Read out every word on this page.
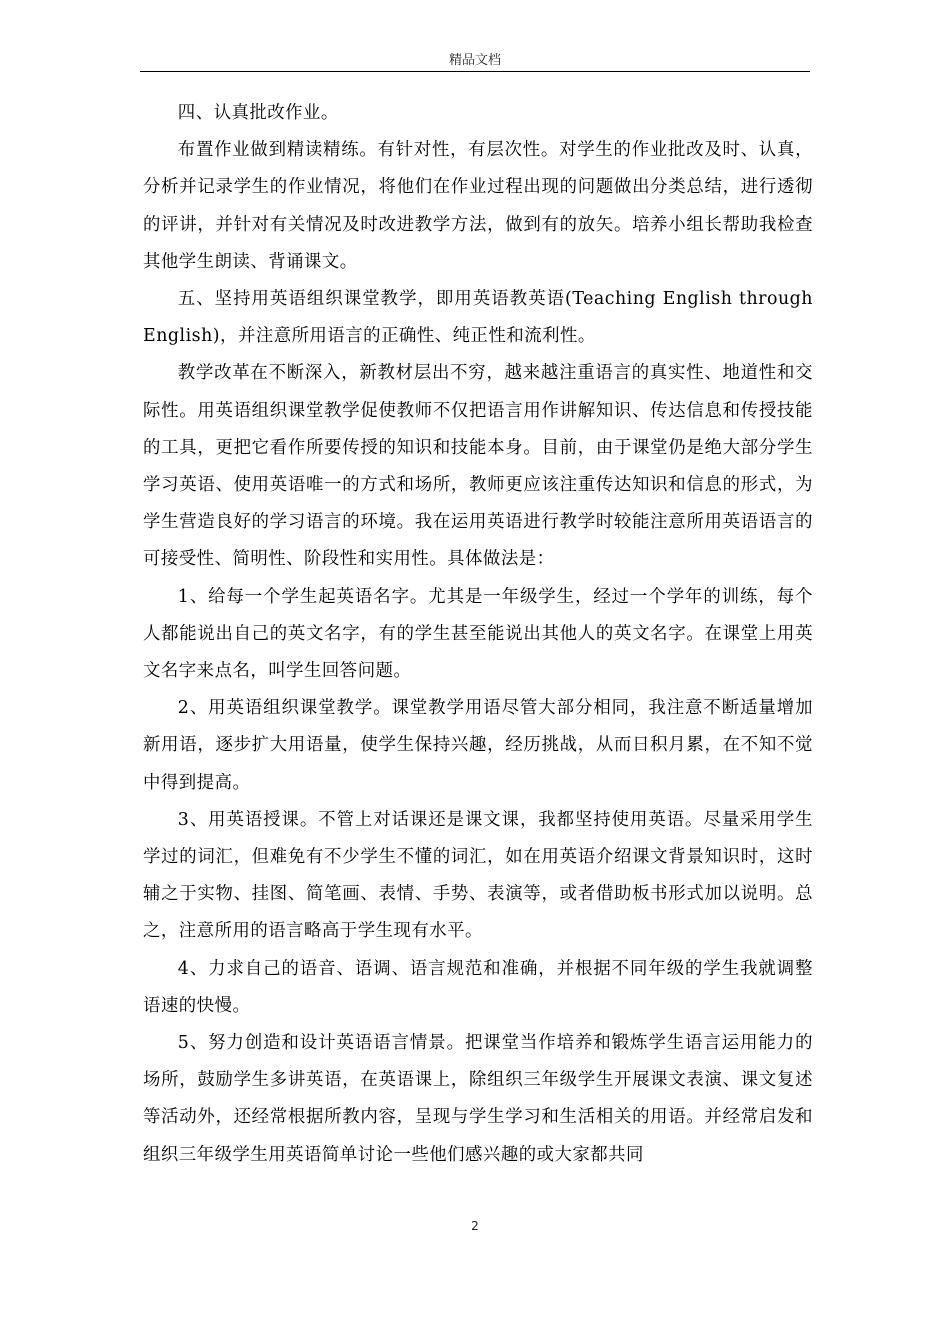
精品文档

四、认真批改作业。

布置作业做到精读精练。有针对性，有层次性。对学生的作业批改及时、认真，分析并记录学生的作业情况，将他们在作业过程出现的问题做出分类总结，进行透彻的评讲，并针对有关情况及时改进教学方法，做到有的放矢。培养小组长帮助我检查其他学生朗读、背诵课文。

五、坚持用英语组织课堂教学，即用英语教英语(Teaching English through English)，并注意所用语言的正确性、纯正性和流利性。

教学改革在不断深入，新教材层出不穷，越来越注重语言的真实性、地道性和交际性。用英语组织课堂教学促使教师不仅把语言用作讲解知识、传达信息和传授技能的工具，更把它看作所要传授的知识和技能本身。目前，由于课堂仍是绝大部分学生学习英语、使用英语唯一的方式和场所，教师更应该注重传达知识和信息的形式，为学生营造良好的学习语言的环境。我在运用英语进行教学时较能注意所用英语语言的可接受性、简明性、阶段性和实用性。具体做法是：

1、给每一个学生起英语名字。尤其是一年级学生，经过一个学年的训练，每个人都能说出自己的英文名字，有的学生甚至能说出其他人的英文名字。在课堂上用英文名字来点名，叫学生回答问题。

2、用英语组织课堂教学。课堂教学用语尽管大部分相同，我注意不断适量增加新用语，逐步扩大用语量，使学生保持兴趣，经历挑战，从而日积月累，在不知不觉中得到提高。

3、用英语授课。不管上对话课还是课文课，我都坚持使用英语。尽量采用学生学过的词汇，但难免有不少学生不懂的词汇，如在用英语介绍课文背景知识时，这时辅之于实物、挂图、简笔画、表情、手势、表演等，或者借助板书形式加以说明。总之，注意所用的语言略高于学生现有水平。

4、力求自己的语音、语调、语言规范和准确，并根据不同年级的学生我就调整语速的快慢。

5、努力创造和设计英语语言情景。把课堂当作培养和锻炼学生语言运用能力的场所，鼓励学生多讲英语，在英语课上，除组织三年级学生开展课文表演、课文复述等活动外，还经常根据所教内容，呈现与学生学习和生活相关的用语。并经常启发和组织三年级学生用英语简单讨论一些他们感兴趣的或大家都共同

2
